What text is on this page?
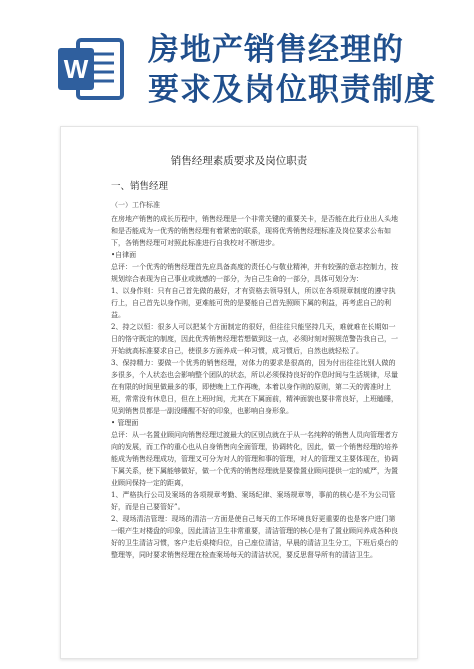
W
房地产销售经理的
要求及岗位职责制度
销售经理素质要求及岗位职责

一、销售经理

（一）工作标准

在房地产销售的成长历程中，销售经理是一个非常关键的重要关卡，是否能在此行业出人头地和是否能成为一优秀的销售经理有着紧密的联系，现将优秀销售经理标准及岗位要求公布如下，各销售经理可对照此标准进行自我校对不断进步。

•自律面

总评：一个优秀的销售经理首先应具备高度的责任心与敬业精神，并有较强的意志控制力，按规划综合表现为自己事业或就感的一部分，为自己生命的一部分，具体可划分为：

1、以身作则：只有自己首先做的最好，才有资格去领导别人，所以在各项规章制度的遵守执行上，自己首先以身作则，更难能可贵的是要能自己首先照顾下属的利益，再考虑自己的利益。

2、持之以恒：很多人可以把某个方面制定的很好，但往往只能坚持几天，难就难在长期如一日的恪守既定的制度，因此优秀销售经理若想做到这一点，必须时刻对照规范警告我自己，一开始就高标准要求自己，使很多方面养成一种习惯，成习惯后，自然也就轻松了。

3、保持精力：要做一个优秀的销售经理，对体力的要求是很高的，因为付出往往比别人做的多很多，个人状态也会影响整个团队的状态，所以必须保持良好的作息时间与生活规律，尽量在有限的时间里做最多的事，即使晚上工作再晚，本着以身作则的原则，第二天的需准时上班，常常没有休息日，但在上班时间，尤其在下属面前，精神面貌也要非常良好，上班瞌睡，见到销售员都是一副没睡醒不好的印象，也影响自身形象。

• 管理面

总评：从一名置业顾问向销售经理过渡最大的区别点就在于从一名纯粹的销售人员向管理者方向的发展，而工作的重心也从自身销售向全面管理，协调转化，因此，做一个销售经理的培养能成为销售经理成功，管理又可分为对人的管理和事的管理，对人的管理又主要体现在，协调下属关系，使下属能够做好，做一个优秀的销售经理就是要像置业顾问提供一定的威严，为置业顾问保持一定的距离，

1、严格执行公司及案场的各项规章考勤、案场纪律、案场规章等，事前的核心是不为公司管好，而是自己要管好”。

2、现场清洁管理：现场的清洁一方面是使自己每天的工作环境良好更重要的也是客户进门第一眼产生对楼盘的印象，因此清洁卫生非常重要，清洁管理的核心是有了置业顾问养成各种良好的卫生清洁习惯，客户走后桌椅归位，自己座位清洁，早晨的清洁卫生分工，下班后桌台的整理等，同时要求销售经理在检查案场每天的清洁状况，要反思督导所有的清洁卫生。
